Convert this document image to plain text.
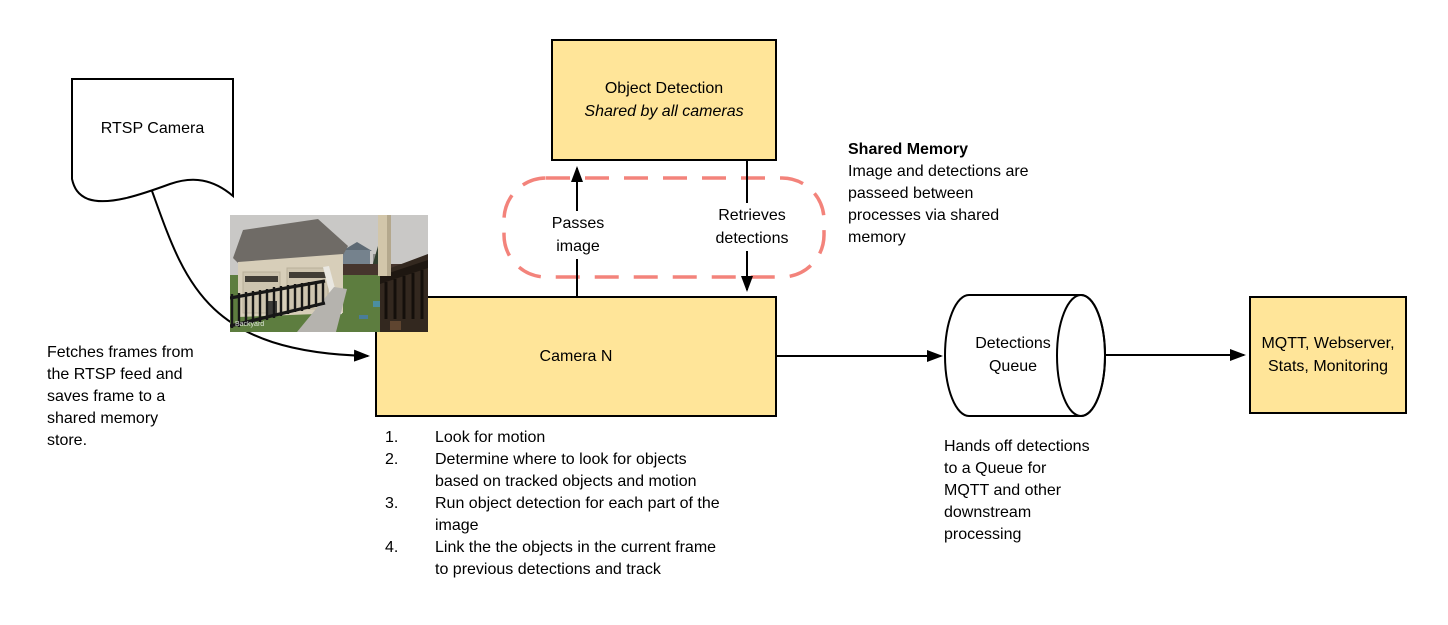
Object Detection
Shared by all cameras
Camera N
MQTT, Webserver,
Stats, Monitoring
RTSP Camera
Detections
Queue
Backyard
Passes
image
Retrieves
detections
Shared Memory
Image and detections are
passeed between
processes via shared
memory
Fetches frames from
the RTSP feed and
saves frame to a
shared memory
store.	Hands off detections
to a Queue for
MQTT and other
downstream
processing
1.	Look for motion
2.	Determine where to look for objects
based on tracked objects and motion
3.	Run object detection for each part of the
image
4.	Link the the objects in the current frame
to previous detections and track
